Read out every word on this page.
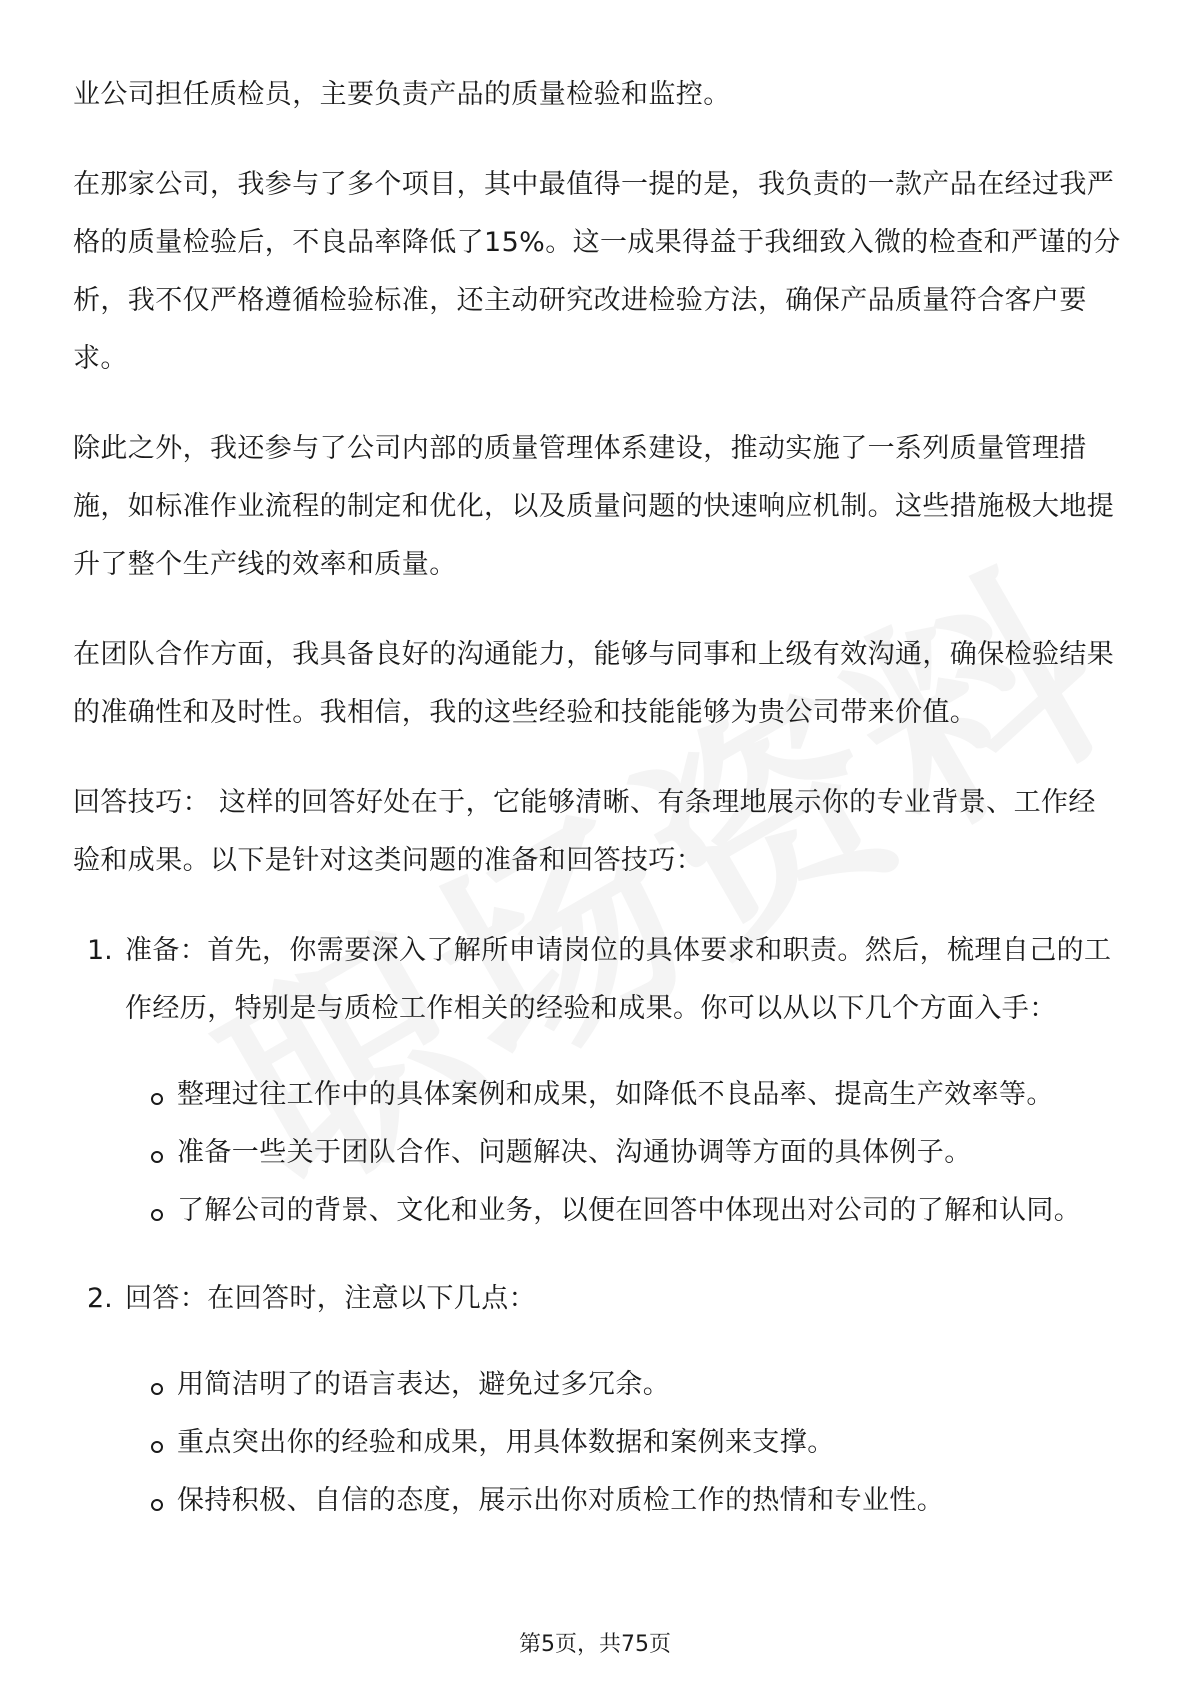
业公司担任质检员，主要负责产品的质量检验和监控。

在那家公司，我参与了多个项目，其中最值得一提的是，我负责的一款产品在经过我严格的质量检验后，不良品率降低了15%。这一成果得益于我细致入微的检查和严谨的分析，我不仅严格遵循检验标准，还主动研究改进检验方法，确保产品质量符合客户要求。

除此之外，我还参与了公司内部的质量管理体系建设，推动实施了一系列质量管理措施，如标准作业流程的制定和优化，以及质量问题的快速响应机制。这些措施极大地提升了整个生产线的效率和质量。

在团队合作方面，我具备良好的沟通能力，能够与同事和上级有效沟通，确保检验结果的准确性和及时性。我相信，我的这些经验和技能能够为贵公司带来价值。

回答技巧： 这样的回答好处在于，它能够清晰、有条理地展示你的专业背景、工作经验和成果。以下是针对这类问题的准备和回答技巧：

1. 准备：首先，你需要深入了解所申请岗位的具体要求和职责。然后，梳理自己的工作经历，特别是与质检工作相关的经验和成果。你可以从以下几个方面入手：
整理过往工作中的具体案例和成果，如降低不良品率、提高生产效率等。
准备一些关于团队合作、问题解决、沟通协调等方面的具体例子。
了解公司的背景、文化和业务，以便在回答中体现出对公司的了解和认同。
2. 回答：在回答时，注意以下几点：
用简洁明了的语言表达，避免过多冗余。
重点突出你的经验和成果，用具体数据和案例来支撑。
保持积极、自信的态度，展示出你对质检工作的热情和专业性。
第5页，共75页
